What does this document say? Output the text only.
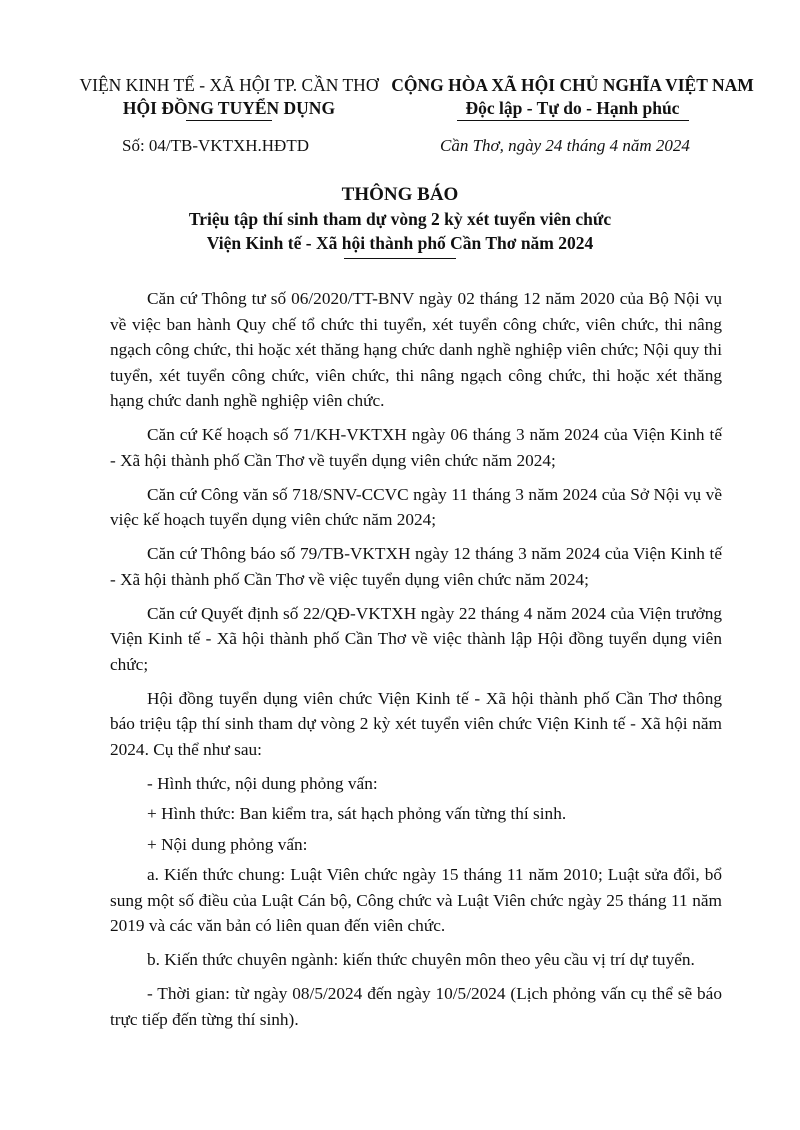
VIỆN KINH TẾ - XÃ HỘI TP. CẦN THƠ
HỘI ĐỒNG TUYỂN DỤNG
CỘNG HÒA XÃ HỘI CHỦ NGHĨA VIỆT NAM
Độc lập - Tự do - Hạnh phúc
Số: 04/TB-VKTXH.HĐTD	Cần Thơ, ngày 24 tháng 4 năm 2024
THÔNG BÁO
Triệu tập thí sinh tham dự vòng 2 kỳ xét tuyển viên chức
Viện Kinh tế - Xã hội thành phố Cần Thơ năm 2024

Căn cứ Thông tư số 06/2020/TT-BNV ngày 02 tháng 12 năm 2020 của Bộ Nội vụ về việc ban hành Quy chế tổ chức thi tuyển, xét tuyển công chức, viên chức, thi nâng ngạch công chức, thi hoặc xét thăng hạng chức danh nghề nghiệp viên chức; Nội quy thi tuyển, xét tuyển công chức, viên chức, thi nâng ngạch công chức, thi hoặc xét thăng hạng chức danh nghề nghiệp viên chức.

Căn cứ Kế hoạch số 71/KH-VKTXH ngày 06 tháng 3 năm 2024 của Viện Kinh tế - Xã hội thành phố Cần Thơ về tuyển dụng viên chức năm 2024;

Căn cứ Công văn số 718/SNV-CCVC ngày 11 tháng 3 năm 2024 của Sở Nội vụ về việc kế hoạch tuyển dụng viên chức năm 2024;

Căn cứ Thông báo số 79/TB-VKTXH ngày 12 tháng 3 năm 2024 của Viện Kinh tế - Xã hội thành phố Cần Thơ về việc tuyển dụng viên chức năm 2024;

Căn cứ Quyết định số 22/QĐ-VKTXH ngày 22 tháng 4 năm 2024 của Viện trưởng Viện Kinh tế - Xã hội thành phố Cần Thơ về việc thành lập Hội đồng tuyển dụng viên chức;

Hội đồng tuyển dụng viên chức Viện Kinh tế - Xã hội thành phố Cần Thơ thông báo triệu tập thí sinh tham dự vòng 2 kỳ xét tuyển viên chức Viện Kinh tế - Xã hội năm 2024. Cụ thể như sau:

- Hình thức, nội dung phỏng vấn:

+ Hình thức: Ban kiểm tra, sát hạch phỏng vấn từng thí sinh.

+ Nội dung phỏng vấn:

a. Kiến thức chung: Luật Viên chức ngày 15 tháng 11 năm 2010; Luật sửa đổi, bổ sung một số điều của Luật Cán bộ, Công chức và Luật Viên chức ngày 25 tháng 11 năm 2019 và các văn bản có liên quan đến viên chức.

b. Kiến thức chuyên ngành: kiến thức chuyên môn theo yêu cầu vị trí dự tuyển.

- Thời gian: từ ngày 08/5/2024 đến ngày 10/5/2024 (Lịch phỏng vấn cụ thể sẽ báo trực tiếp đến từng thí sinh).
